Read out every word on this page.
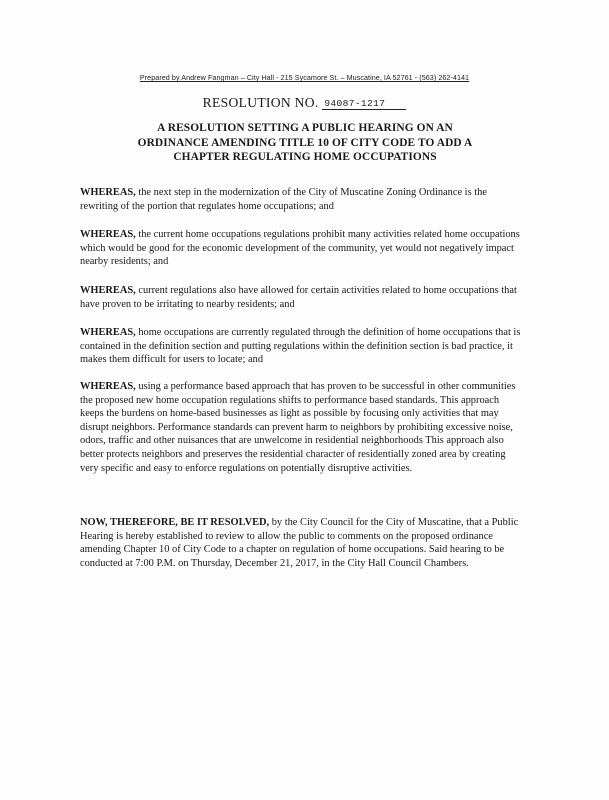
Prepared by Andrew Fangman – City Hall - 215 Sycamore St. – Muscatine, IA 52761 - (563) 262-4141
RESOLUTION NO. 94087-1217
A RESOLUTION SETTING A PUBLIC HEARING ON AN
ORDINANCE AMENDING TITLE 10 OF CITY CODE TO ADD A
CHAPTER REGULATING HOME OCCUPATIONS

WHEREAS, the next step in the modernization of the City of Muscatine Zoning Ordinance is the rewriting of the portion that regulates home occupations; and

WHEREAS, the current home occupations regulations prohibit many activities related home occupations which would be good for the economic development of the community, yet would not negatively impact nearby residents; and

WHEREAS, current regulations also have allowed for certain activities related to home occupations that have proven to be irritating to nearby residents; and

WHEREAS, home occupations are currently regulated through the definition of home occupations that is contained in the definition section and putting regulations within the definition section is bad practice, it makes them difficult for users to locate; and

WHEREAS, using a performance based approach that has proven to be successful in other communities the proposed new home occupation regulations shifts to performance based standards. This approach keeps the burdens on home-based businesses as light as possible by focusing only activities that may disrupt neighbors. Performance standards can prevent harm to neighbors by prohibiting excessive noise, odors, traffic and other nuisances that are unwelcome in residential neighborhoods This approach also better protects neighbors and preserves the residential character of residentially zoned area by creating very specific and easy to enforce regulations on potentially disruptive activities.

NOW, THEREFORE, BE IT RESOLVED, by the City Council for the City of Muscatine, that a Public Hearing is hereby established to review to allow the public to comments on the proposed ordinance amending Chapter 10 of City Code to a chapter on regulation of home occupations. Said hearing to be conducted at 7:00 P.M. on Thursday, December 21, 2017, in the City Hall Council Chambers.
